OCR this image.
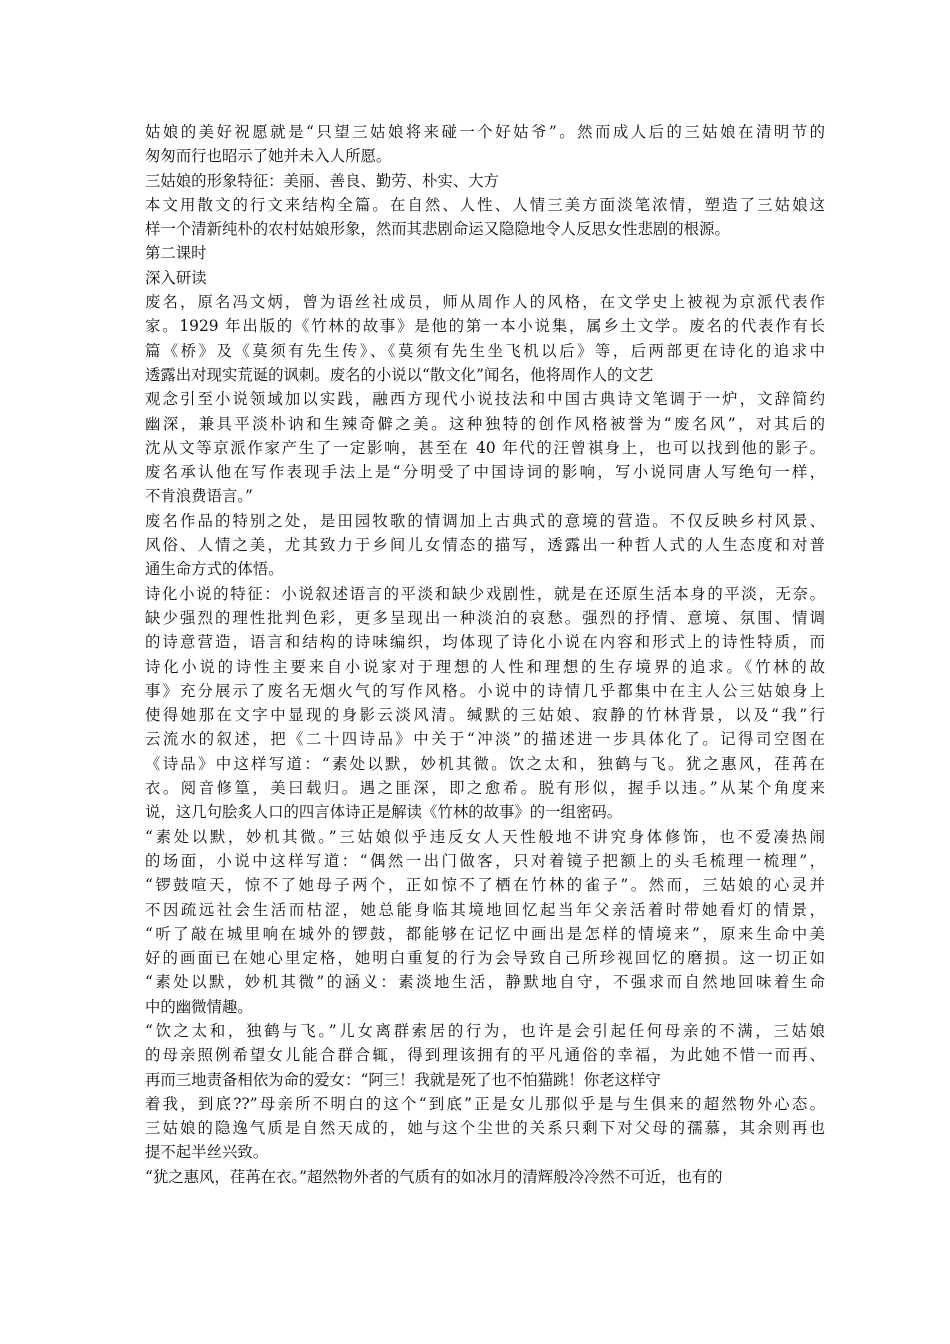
姑娘的美好祝愿就是“只望三姑娘将来碰一个好姑爷”。然而成人后的三姑娘在清明节的
匆匆而行也昭示了她并未入人所愿。
三姑娘的形象特征：美丽、善良、勤劳、朴实、大方
本文用散文的行文来结构全篇。在自然、人性、人情三美方面淡笔浓情，塑造了三姑娘这
样一个清新纯朴的农村姑娘形象，然而其悲剧命运又隐隐地令人反思女性悲剧的根源。
第二课时
深入研读
废名，原名冯文炳，曾为语丝社成员，师从周作人的风格，在文学史上被视为京派代表作
家。1929 年出版的《竹林的故事》是他的第一本小说集，属乡土文学。废名的代表作有长
篇《桥》及《莫须有先生传》、《莫须有先生坐飞机以后》等，后两部更在诗化的追求中
透露出对现实荒诞的讽刺。废名的小说以“散文化”闻名，他将周作人的文艺
观念引至小说领域加以实践，融西方现代小说技法和中国古典诗文笔调于一炉，文辞简约
幽深，兼具平淡朴讷和生辣奇僻之美。这种独特的创作风格被誉为“废名风”，对其后的
沈从文等京派作家产生了一定影响，甚至在 40 年代的汪曾祺身上，也可以找到他的影子。
废名承认他在写作表现手法上是“分明受了中国诗词的影响，写小说同唐人写绝句一样，
不肯浪费语言。”
废名作品的特别之处，是田园牧歌的情调加上古典式的意境的营造。不仅反映乡村风景、
风俗、人情之美，尤其致力于乡间儿女情态的描写，透露出一种哲人式的人生态度和对普
通生命方式的体悟。
诗化小说的特征：小说叙述语言的平淡和缺少戏剧性，就是在还原生活本身的平淡，无奈。
缺少强烈的理性批判色彩，更多呈现出一种淡泊的哀愁。强烈的抒情、意境、氛围、情调
的诗意营造，语言和结构的诗味编织，均体现了诗化小说在内容和形式上的诗性特质，而
诗化小说的诗性主要来自小说家对于理想的人性和理想的生存境界的追求。《竹林的故
事》充分展示了废名无烟火气的写作风格。小说中的诗情几乎都集中在主人公三姑娘身上
使得她那在文字中显现的身影云淡风清。缄默的三姑娘、寂静的竹林背景，以及“我”行
云流水的叙述，把《二十四诗品》中关于“冲淡”的描述进一步具体化了。记得司空图在
《诗品》中这样写道：“素处以默，妙机其微。饮之太和，独鹤与飞。犹之惠风，荏苒在
衣。阅音修篁，美曰载归。遇之匪深，即之愈希。脱有形似，握手以违。”从某个角度来
说，这几句脍炙人口的四言体诗正是解读《竹林的故事》的一组密码。
“素处以默，妙机其微。”三姑娘似乎违反女人天性般地不讲究身体修饰，也不爱凑热闹
的场面，小说中这样写道：“偶然一出门做客，只对着镜子把额上的头毛梳理一梳理”，
“锣鼓喧天，惊不了她母子两个，正如惊不了栖在竹林的雀子”。然而，三姑娘的心灵并
不因疏远社会生活而枯涩，她总能身临其境地回忆起当年父亲活着时带她看灯的情景，
“听了敲在城里响在城外的锣鼓，都能够在记忆中画出是怎样的情境来”，原来生命中美
好的画面已在她心里定格，她明白重复的行为会导致自己所珍视回忆的磨损。这一切正如
“素处以默，妙机其微”的涵义：素淡地生活，静默地自守，不强求而自然地回味着生命
中的幽微情趣。
“饮之太和，独鹤与飞。”儿女离群索居的行为，也许是会引起任何母亲的不满，三姑娘
的母亲照例希望女儿能合群合辄，得到理该拥有的平凡通俗的幸福，为此她不惜一而再、
再而三地责备相依为命的爱女：“阿三！我就是死了也不怕猫跳！你老这样守
着我，到底??”母亲所不明白的这个“到底”正是女儿那似乎是与生俱来的超然物外心态。
三姑娘的隐逸气质是自然天成的，她与这个尘世的关系只剩下对父母的孺慕，其余则再也
提不起半丝兴致。
“犹之惠风，荏苒在衣。”超然物外者的气质有的如冰月的清辉般冷冷然不可近，也有的
